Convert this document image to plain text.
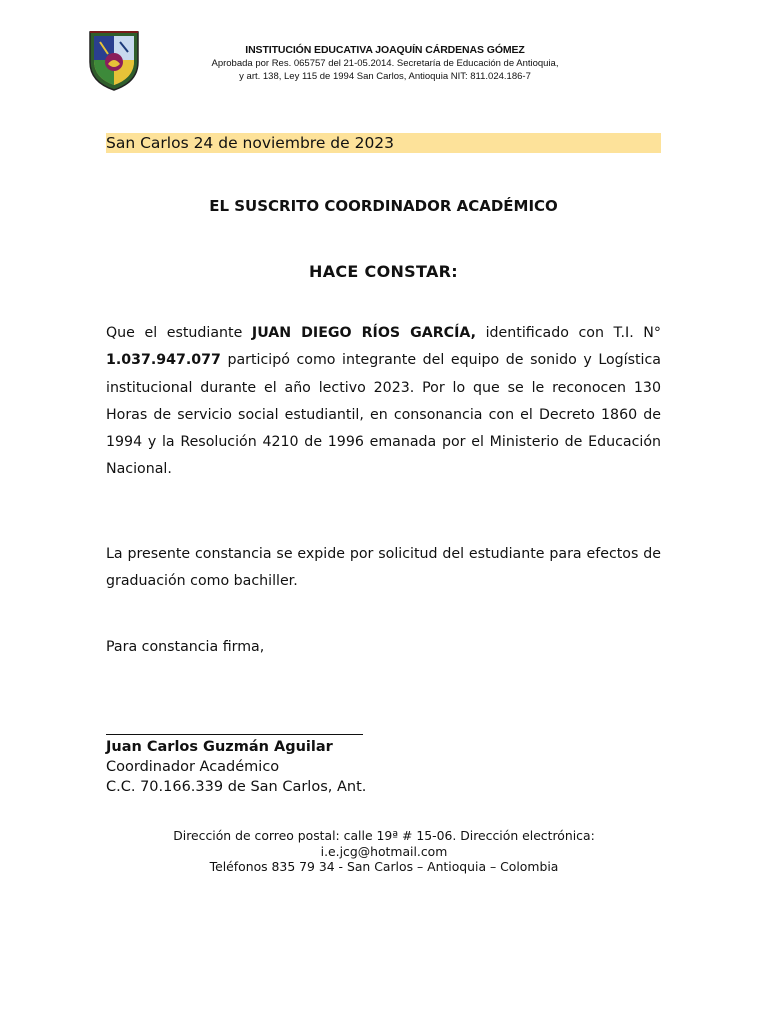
INSTITUCIÓN EDUCATIVA JOAQUÍN CÁRDENAS GÓMEZ
Aprobada por Res. 065757 del 21-05.2014. Secretaría de Educación de Antioquia,
y art. 138, Ley 115 de 1994 San Carlos, Antioquia NIT: 811.024.186-7
San Carlos 24 de noviembre de 2023
EL SUSCRITO COORDINADOR ACADÉMICO
HACE CONSTAR:
Que el estudiante JUAN DIEGO RÍOS GARCÍA, identificado con T.I. N° 1.037.947.077 participó como integrante del equipo de sonido y Logística institucional durante el año lectivo 2023. Por lo que se le reconocen 130 Horas de servicio social estudiantil, en consonancia con el Decreto 1860 de 1994 y la Resolución 4210 de 1996 emanada por el Ministerio de Educación Nacional.
La presente constancia se expide por solicitud del estudiante para efectos de graduación como bachiller.
Para constancia firma,
Juan Carlos Guzmán Aguilar
Coordinador Académico
C.C. 70.166.339 de San Carlos, Ant.
Dirección de correo postal: calle 19ª # 15-06. Dirección electrónica:
i.e.jcg@hotmail.com
Teléfonos 835 79 34 - San Carlos – Antioquia – Colombia
